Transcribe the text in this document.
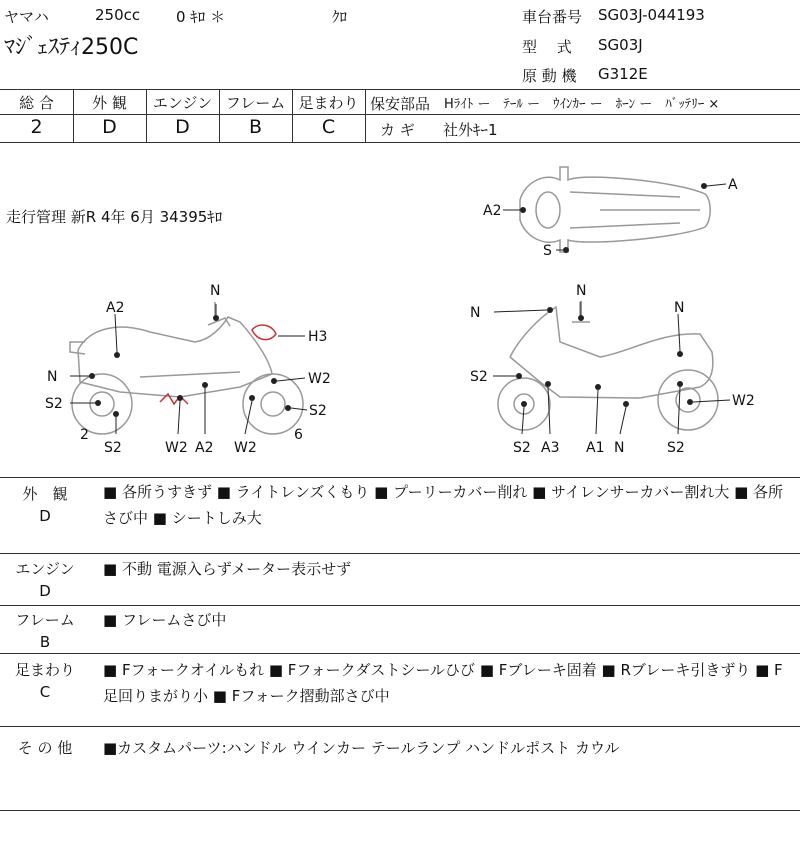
ヤマハ	250cc 0 ｷﾛ ＊	ｸﾛ
ﾏｼﾞｪｽﾃｨ250C
車台番号 SG03J-044193
型　 式 SG03J
原 動 機 G312E
総 合	外 観	エンジン フレーム 足まわり
2	D	D	B	C
保安部品 Hﾗｲﾄ ー　ﾃｰﾙ ー　ｳｲﾝｶｰ ー　ﾎｰﾝ ー　ﾊﾞｯﾃﾘｰ ×
カ ギ 社外ｷｰ1
走行管理 新R 4年 6月 34395ｷﾛ
A
A2
S
A2
N
H3
N	W2
S2	S2
2	6
S2	W2 A2 W2
N
N
N
S2
W2
S2 A3 A1 N	S2
外　観
D
■ 各所うすきず ■ ライトレンズくもり ■ プーリーカバー削れ ■ サイレンサーカバー割れ大 ■ 各所さび中 ■ シートしみ大
エンジン
D
■ 不動 電源入らずメーター表示せず
フレーム
B
■ フレームさび中
足まわり
C
■ Fフォークオイルもれ ■ Fフォークダストシールひび ■ Fブレーキ固着 ■ Rブレーキ引きずり ■ F足回りまがり小 ■ Fフォーク摺動部さび中
そ の 他	■カスタムパーツ:ハンドル ウインカー テールランプ ハンドルポスト カウル
